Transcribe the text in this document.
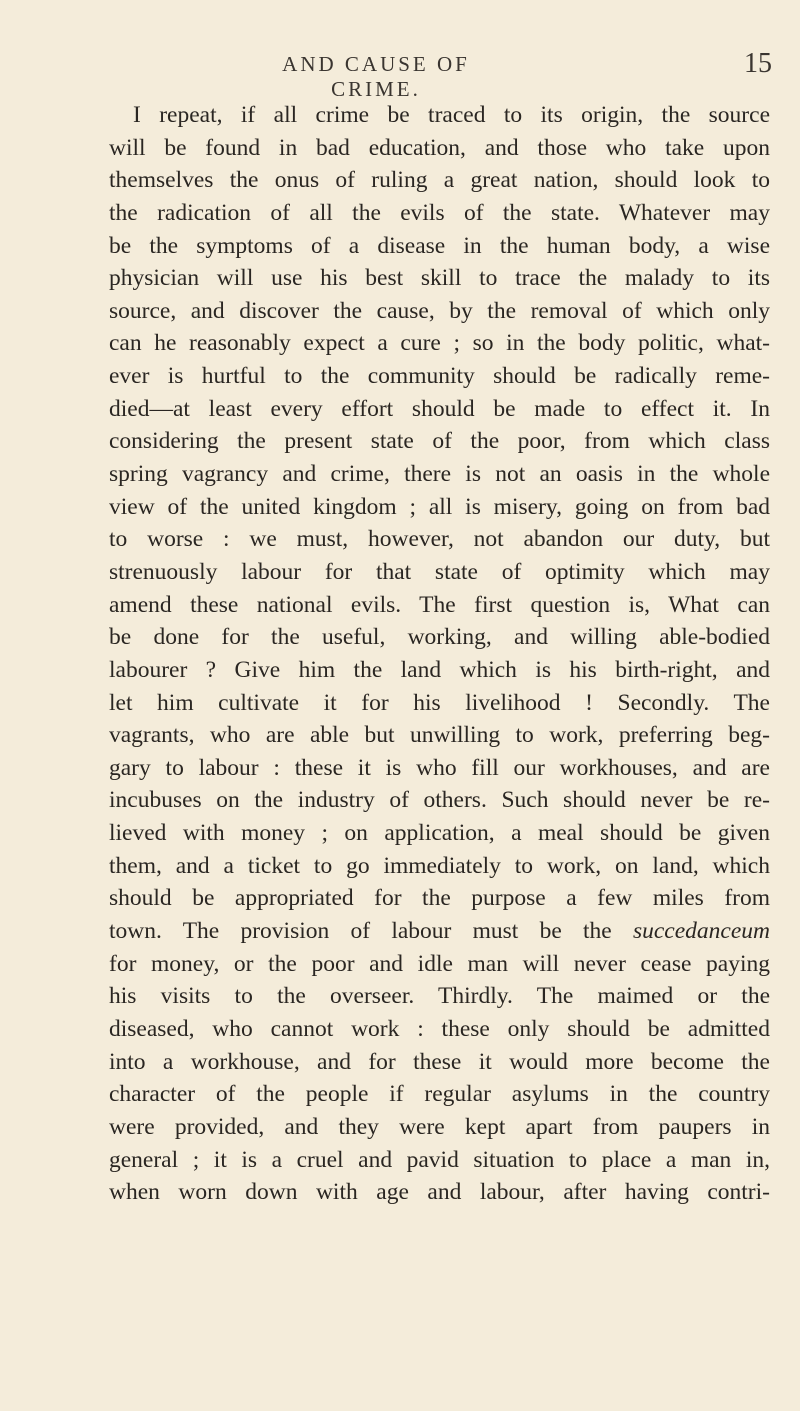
AND CAUSE OF CRIME.
15
I repeat, if all crime be traced to its origin, the source
will be found in bad education, and those who take upon
themselves the onus of ruling a great nation, should look to
the radication of all the evils of the state. Whatever may
be the symptoms of a disease in the human body, a wise
physician will use his best skill to trace the malady to its
source, and discover the cause, by the removal of which only
can he reasonably expect a cure ; so in the body politic, what-
ever is hurtful to the community should be radically reme-
died—at least every effort should be made to effect it. In
considering the present state of the poor, from which class
spring vagrancy and crime, there is not an oasis in the whole
view of the united kingdom ; all is misery, going on from bad
to worse : we must, however, not abandon our duty, but
strenuously labour for that state of optimity which may
amend these national evils. The first question is, What can
be done for the useful, working, and willing able-bodied
labourer ? Give him the land which is his birth-right, and
let him cultivate it for his livelihood ! Secondly. The
vagrants, who are able but unwilling to work, preferring beg-
gary to labour : these it is who fill our workhouses, and are
incubuses on the industry of others. Such should never be re-
lieved with money ; on application, a meal should be given
them, and a ticket to go immediately to work, on land, which
should be appropriated for the purpose a few miles from
town. The provision of labour must be the succedanceum
for money, or the poor and idle man will never cease paying
his visits to the overseer. Thirdly. The maimed or the
diseased, who cannot work : these only should be admitted
into a workhouse, and for these it would more become the
character of the people if regular asylums in the country
were provided, and they were kept apart from paupers in
general ; it is a cruel and pavid situation to place a man in,
when worn down with age and labour, after having contri-
